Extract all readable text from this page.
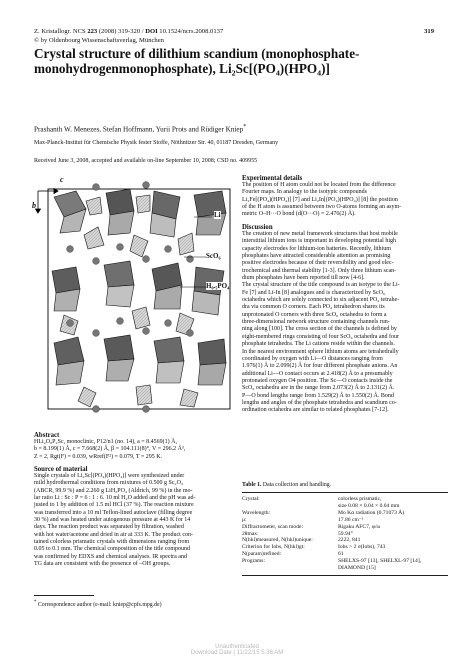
Z. Kristallogr. NCS 223 (2008) 319-320 / DOI 10.1524/ncrs.2008.0137	319
© by Oldenbourg Wissenschaftsverlag, München
Crystal structure of dilithium scandium (monophosphate-
monohydrogenmonophosphate), Li₂Sc[(PO₄)(HPO₄)]
Prashanth W. Menezes, Stefan Hoffmann, Yurii Prots and Rüdiger Kniep*
Max-Planck-Institut für Chemische Physik fester Stoffe, Nöthnitzer Str. 40, 01187 Dresden, Germany
Received June 3, 2008, accepted and available on-line September 10, 2008; CSD no. 409955
c
b
Li
ScO₆
H₀.₅PO₄
Abstract
HLi₂O₈P₂Sc, monoclinic, P12/n1 (no. 14), a = 8.4569(1) Å,
b = 8.199(1) Å, c = 7.668(2) Å, β = 104.111(8)°, V = 296.2 Å³,
Z = 2, Rgt(F) = 0.039, wRref(F²) = 0.079, T = 295 K.
Source of material
Single crystals of Li₂Sc[(PO₄)(HPO₄)] were synthesized under
mild hydrothermal conditions from mixtures of 0.500 g Sc₂O₃
(ABCR, 99.9 %) and 2.260 g LiH₂PO₄ (Aldrich, 99 %) in the mo-
lar ratio Li : Sc : P = 6 : 1 : 6. 10 ml H₂O added and the pH was ad-
justed to 1 by addition of 1.5 ml HCl (37 %). The reaction mixture
was transferred into a 10 ml Teflon-lined autoclave (filling degree
30 %) and was heated under autogenous pressure at 443 K for 14
days. The reaction product was separated by filtration, washed
with hot water/acetone and dried in air at 333 K. The product con-
tained colorless prismatic crystals with dimensions ranging from
0.05 to 0.1 mm. The chemical composition of the title compound
was confirmed by EDXS and chemical analyses. IR spectra and
TG data are consistent with the presence of –OH groups.
Experimental details
The position of H atom could not be located from the difference
Fourier maps. In analogy to the isotypic compounds
Li₂Fe[(PO₄)(HPO₄)] [7] and Li₂In[(PO₄)(HPO₄)] [8] the position
of the H atom is assumed between two O-atoms forming an asym-
metric O–H···O bond (d(O···O) = 2.476(2) Å).
Discussion
The creation of new metal framework structures that host mobile
interstitial lithium ions is important in developing potential high
capacity electrodes for lithium-ion batteries. Recently, lithium
phosphates have attracted considerable attention as promising
positive electrodes because of their reversibility and good elec-
trochemical and thermal stability [1-3]. Only three lithium scan-
dium phosphates have been reported till now [4-6].
The crystal structure of the title compound is an isotype to the Li-
Fe [7] and Li-In [8] analogues and is characterized by ScO₆
octahedra which are solely connected to six adjacent PO₄ tetrahe-
dra via common O corners. Each PO₄ tetrahedron shares its
unprotonated O corners with three ScO₆ octahedra to form a
three-dimensional network structure containing channels run-
ning along [100]. The cross section of the channels is defined by
eight-membered rings consisting of four ScO₆ octahedra and four
phosphate tetrahedra. The Li cations reside within the channels.
In the nearest environment sphere lithium atoms are tetrahedrally
coordinated by oxygen with Li—O distances ranging from
1.976(1) Å to 2.099(2) Å for four different phosphate anions. An
additional Li—O contact occurs at 2.418(2) Å to a presumably
protonated oxygen O4 position. The Sc—O contacts inside the
ScO₆ octahedra are in the range from 2.073(2) Å to 2.131(2) Å.
P—O bond lengths range from 1.529(2) Å to 1.550(2) Å. Bond
lengths and angles of the phosphate tetrahedra and scandium co-
ordination octahedra are similar to related phosphates [7-12].
Table 1. Data collection and handling.
Crystal:	colorless prismatic,
	size 0.08 × 0.04 × 0.04 mm
Wavelength:	Mo Kα radiation (0.71073 Å)
μ:	17.86 cm⁻¹
Diffractometer, scan mode:	Rigaku AFC7, φ/ω
2θmax:	59.94°
N(hkl)measured, N(hkl)unique:	2222, 841
Criterion for Iobs, N(hkl)gt:	Iobs > 2 σ(Iobs), 743
N(param)refined:	61
Programs:	SHELXS-97 [13], SHELXL-97 [14],
	DIAMOND [15]
* Correspondence author (e-mail: kniep@cpfs.mpg.de)
Unauthenticated
Download Date | 11/22/15 5:36 AM
